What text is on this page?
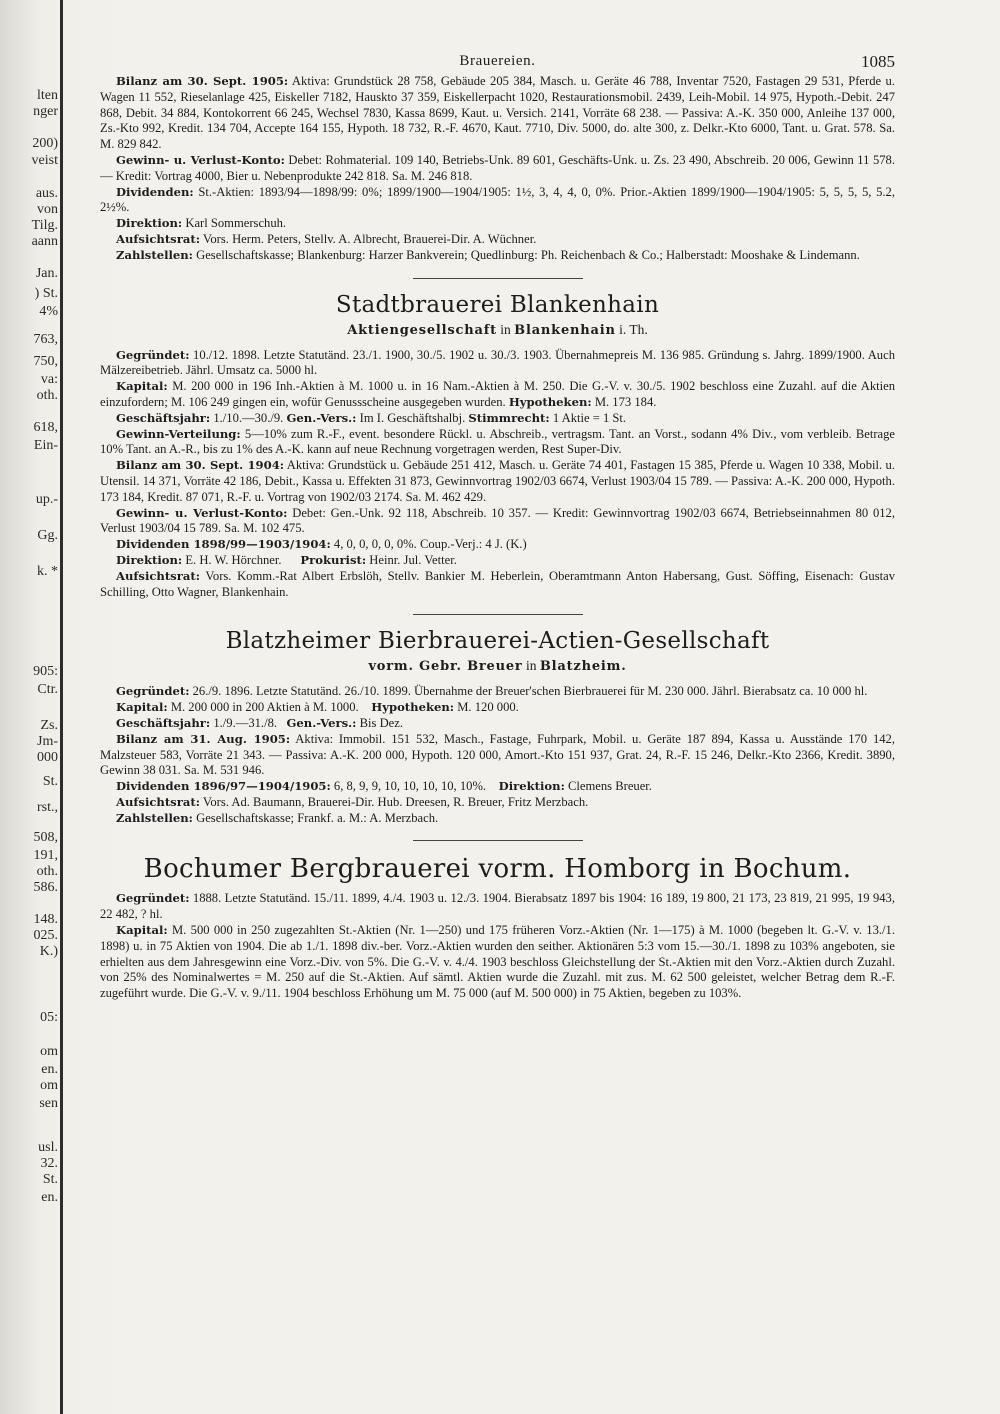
lten
nger
200)
veist
aus.
von
Tilg.
aann
Jan.
) St.
4%
763,
750,
va:
oth.
618,
Ein-
up.-
Gg.
k. *
905:
Ctr.
Zs.
Jm-
000
St.
rst.,
508,
191,
oth.
586.
148.
025.
K.)
05:
om
en.
om
sen
usl.
32.
St.
en.
Brauereien.	1085

Bilanz am 30. Sept. 1905: Aktiva: Grundstück 28 758, Gebäude 205 384, Masch. u. Geräte 46 788, Inventar 7520, Fastagen 29 531, Pferde u. Wagen 11 552, Rieselanlage 425, Eiskeller 7182, Hauskto 37 359, Eiskellerpacht 1020, Restaurationsmobil. 2439, Leih-Mobil. 14 975, Hypoth.-Debit. 247 868, Debit. 34 884, Kontokorrent 66 245, Wechsel 7830, Kassa 8699, Kaut. u. Versich. 2141, Vorräte 68 238. — Passiva: A.-K. 350 000, Anleihe 137 000, Zs.-Kto 992, Kredit. 134 704, Accepte 164 155, Hypoth. 18 732, R.-F. 4670, Kaut. 7710, Div. 5000, do. alte 300, z. Delkr.-Kto 6000, Tant. u. Grat. 578. Sa. M. 829 842.

Gewinn- u. Verlust-Konto: Debet: Rohmaterial. 109 140, Betriebs-Unk. 89 601, Geschäfts-Unk. u. Zs. 23 490, Abschreib. 20 006, Gewinn 11 578. — Kredit: Vortrag 4000, Bier u. Nebenprodukte 242 818. Sa. M. 246 818.

Dividenden: St.-Aktien: 1893/94—1898/99: 0%; 1899/1900—1904/1905: 1½, 3, 4, 4, 0, 0%. Prior.-Aktien 1899/1900—1904/1905: 5, 5, 5, 5, 5.2, 2½%.

Direktion: Karl Sommerschuh.

Aufsichtsrat: Vors. Herm. Peters, Stellv. A. Albrecht, Brauerei-Dir. A. Wüchner.

Zahlstellen: Gesellschaftskasse; Blankenburg: Harzer Bankverein; Quedlinburg: Ph. Reichenbach & Co.; Halberstadt: Mooshake & Lindemann.

Stadtbrauerei Blankenhain
Aktiengesellschaft in Blankenhain i. Th.

Gegründet: 10./12. 1898. Letzte Statutänd. 23./1. 1900, 30./5. 1902 u. 30./3. 1903. Übernahmepreis M. 136 985. Gründung s. Jahrg. 1899/1900. Auch Mälzereibetrieb. Jährl. Umsatz ca. 5000 hl.

Kapital: M. 200 000 in 196 Inh.-Aktien à M. 1000 u. in 16 Nam.-Aktien à M. 250. Die G.-V. v. 30./5. 1902 beschloss eine Zuzahl. auf die Aktien einzufordern; M. 106 249 gingen ein, wofür Genussscheine ausgegeben wurden. Hypotheken: M. 173 184.

Geschäftsjahr: 1./10.—30./9. Gen.-Vers.: Im I. Geschäftshalbj. Stimmrecht: 1 Aktie = 1 St.

Gewinn-Verteilung: 5—10% zum R.-F., event. besondere Rückl. u. Abschreib., vertragsm. Tant. an Vorst., sodann 4% Div., vom verbleib. Betrage 10% Tant. an A.-R., bis zu 1% des A.-K. kann auf neue Rechnung vorgetragen werden, Rest Super-Div.

Bilanz am 30. Sept. 1904: Aktiva: Grundstück u. Gebäude 251 412, Masch. u. Geräte 74 401, Fastagen 15 385, Pferde u. Wagen 10 338, Mobil. u. Utensil. 14 371, Vorräte 42 186, Debit., Kassa u. Effekten 31 873, Gewinnvortrag 1902/03 6674, Verlust 1903/04 15 789. — Passiva: A.-K. 200 000, Hypoth. 173 184, Kredit. 87 071, R.-F. u. Vortrag von 1902/03 2174. Sa. M. 462 429.

Gewinn- u. Verlust-Konto: Debet: Gen.-Unk. 92 118, Abschreib. 10 357. — Kredit: Gewinnvortrag 1902/03 6674, Betriebseinnahmen 80 012, Verlust 1903/04 15 789. Sa. M. 102 475.

Dividenden 1898/99—1903/1904: 4, 0, 0, 0, 0, 0%. Coup.-Verj.: 4 J. (K.)

Direktion: E. H. W. Hörchner. Prokurist: Heinr. Jul. Vetter.

Aufsichtsrat: Vors. Komm.-Rat Albert Erbslöh, Stellv. Bankier M. Heberlein, Oberamtmann Anton Habersang, Gust. Söffing, Eisenach: Gustav Schilling, Otto Wagner, Blankenhain.

Blatzheimer Bierbrauerei-Actien-Gesellschaft
vorm. Gebr. Breuer in Blatzheim.

Gegründet: 26./9. 1896. Letzte Statutänd. 26./10. 1899. Übernahme der Breuer'schen Bierbrauerei für M. 230 000. Jährl. Bierabsatz ca. 10 000 hl.

Kapital: M. 200 000 in 200 Aktien à M. 1000. Hypotheken: M. 120 000.

Geschäftsjahr: 1./9.—31./8. Gen.-Vers.: Bis Dez.

Bilanz am 31. Aug. 1905: Aktiva: Immobil. 151 532, Masch., Fastage, Fuhrpark, Mobil. u. Geräte 187 894, Kassa u. Ausstände 170 142, Malzsteuer 583, Vorräte 21 343. — Passiva: A.-K. 200 000, Hypoth. 120 000, Amort.-Kto 151 937, Grat. 24, R.-F. 15 246, Delkr.-Kto 2366, Kredit. 3890, Gewinn 38 031. Sa. M. 531 946.

Dividenden 1896/97—1904/1905: 6, 8, 9, 9, 10, 10, 10, 10, 10%. Direktion: Clemens Breuer.

Aufsichtsrat: Vors. Ad. Baumann, Brauerei-Dir. Hub. Dreesen, R. Breuer, Fritz Merzbach.

Zahlstellen: Gesellschaftskasse; Frankf. a. M.: A. Merzbach.

Bochumer Bergbrauerei vorm. Homborg in Bochum.

Gegründet: 1888. Letzte Statutänd. 15./11. 1899, 4./4. 1903 u. 12./3. 1904. Bierabsatz 1897 bis 1904: 16 189, 19 800, 21 173, 23 819, 21 995, 19 943, 22 482, ? hl.

Kapital: M. 500 000 in 250 zugezahlten St.-Aktien (Nr. 1—250) und 175 früheren Vorz.-Aktien (Nr. 1—175) à M. 1000 (begeben lt. G.-V. v. 13./1. 1898) u. in 75 Aktien von 1904. Die ab 1./1. 1898 div.-ber. Vorz.-Aktien wurden den seither. Aktionären 5:3 vom 15.—30./1. 1898 zu 103% angeboten, sie erhielten aus dem Jahresgewinn eine Vorz.-Div. von 5%. Die G.-V. v. 4./4. 1903 beschloss Gleichstellung der St.-Aktien mit den Vorz.-Aktien durch Zuzahl. von 25% des Nominalwertes = M. 250 auf die St.-Aktien. Auf sämtl. Aktien wurde die Zuzahl. mit zus. M. 62 500 geleistet, welcher Betrag dem R.-F. zugeführt wurde. Die G.-V. v. 9./11. 1904 beschloss Erhöhung um M. 75 000 (auf M. 500 000) in 75 Aktien, begeben zu 103%.
